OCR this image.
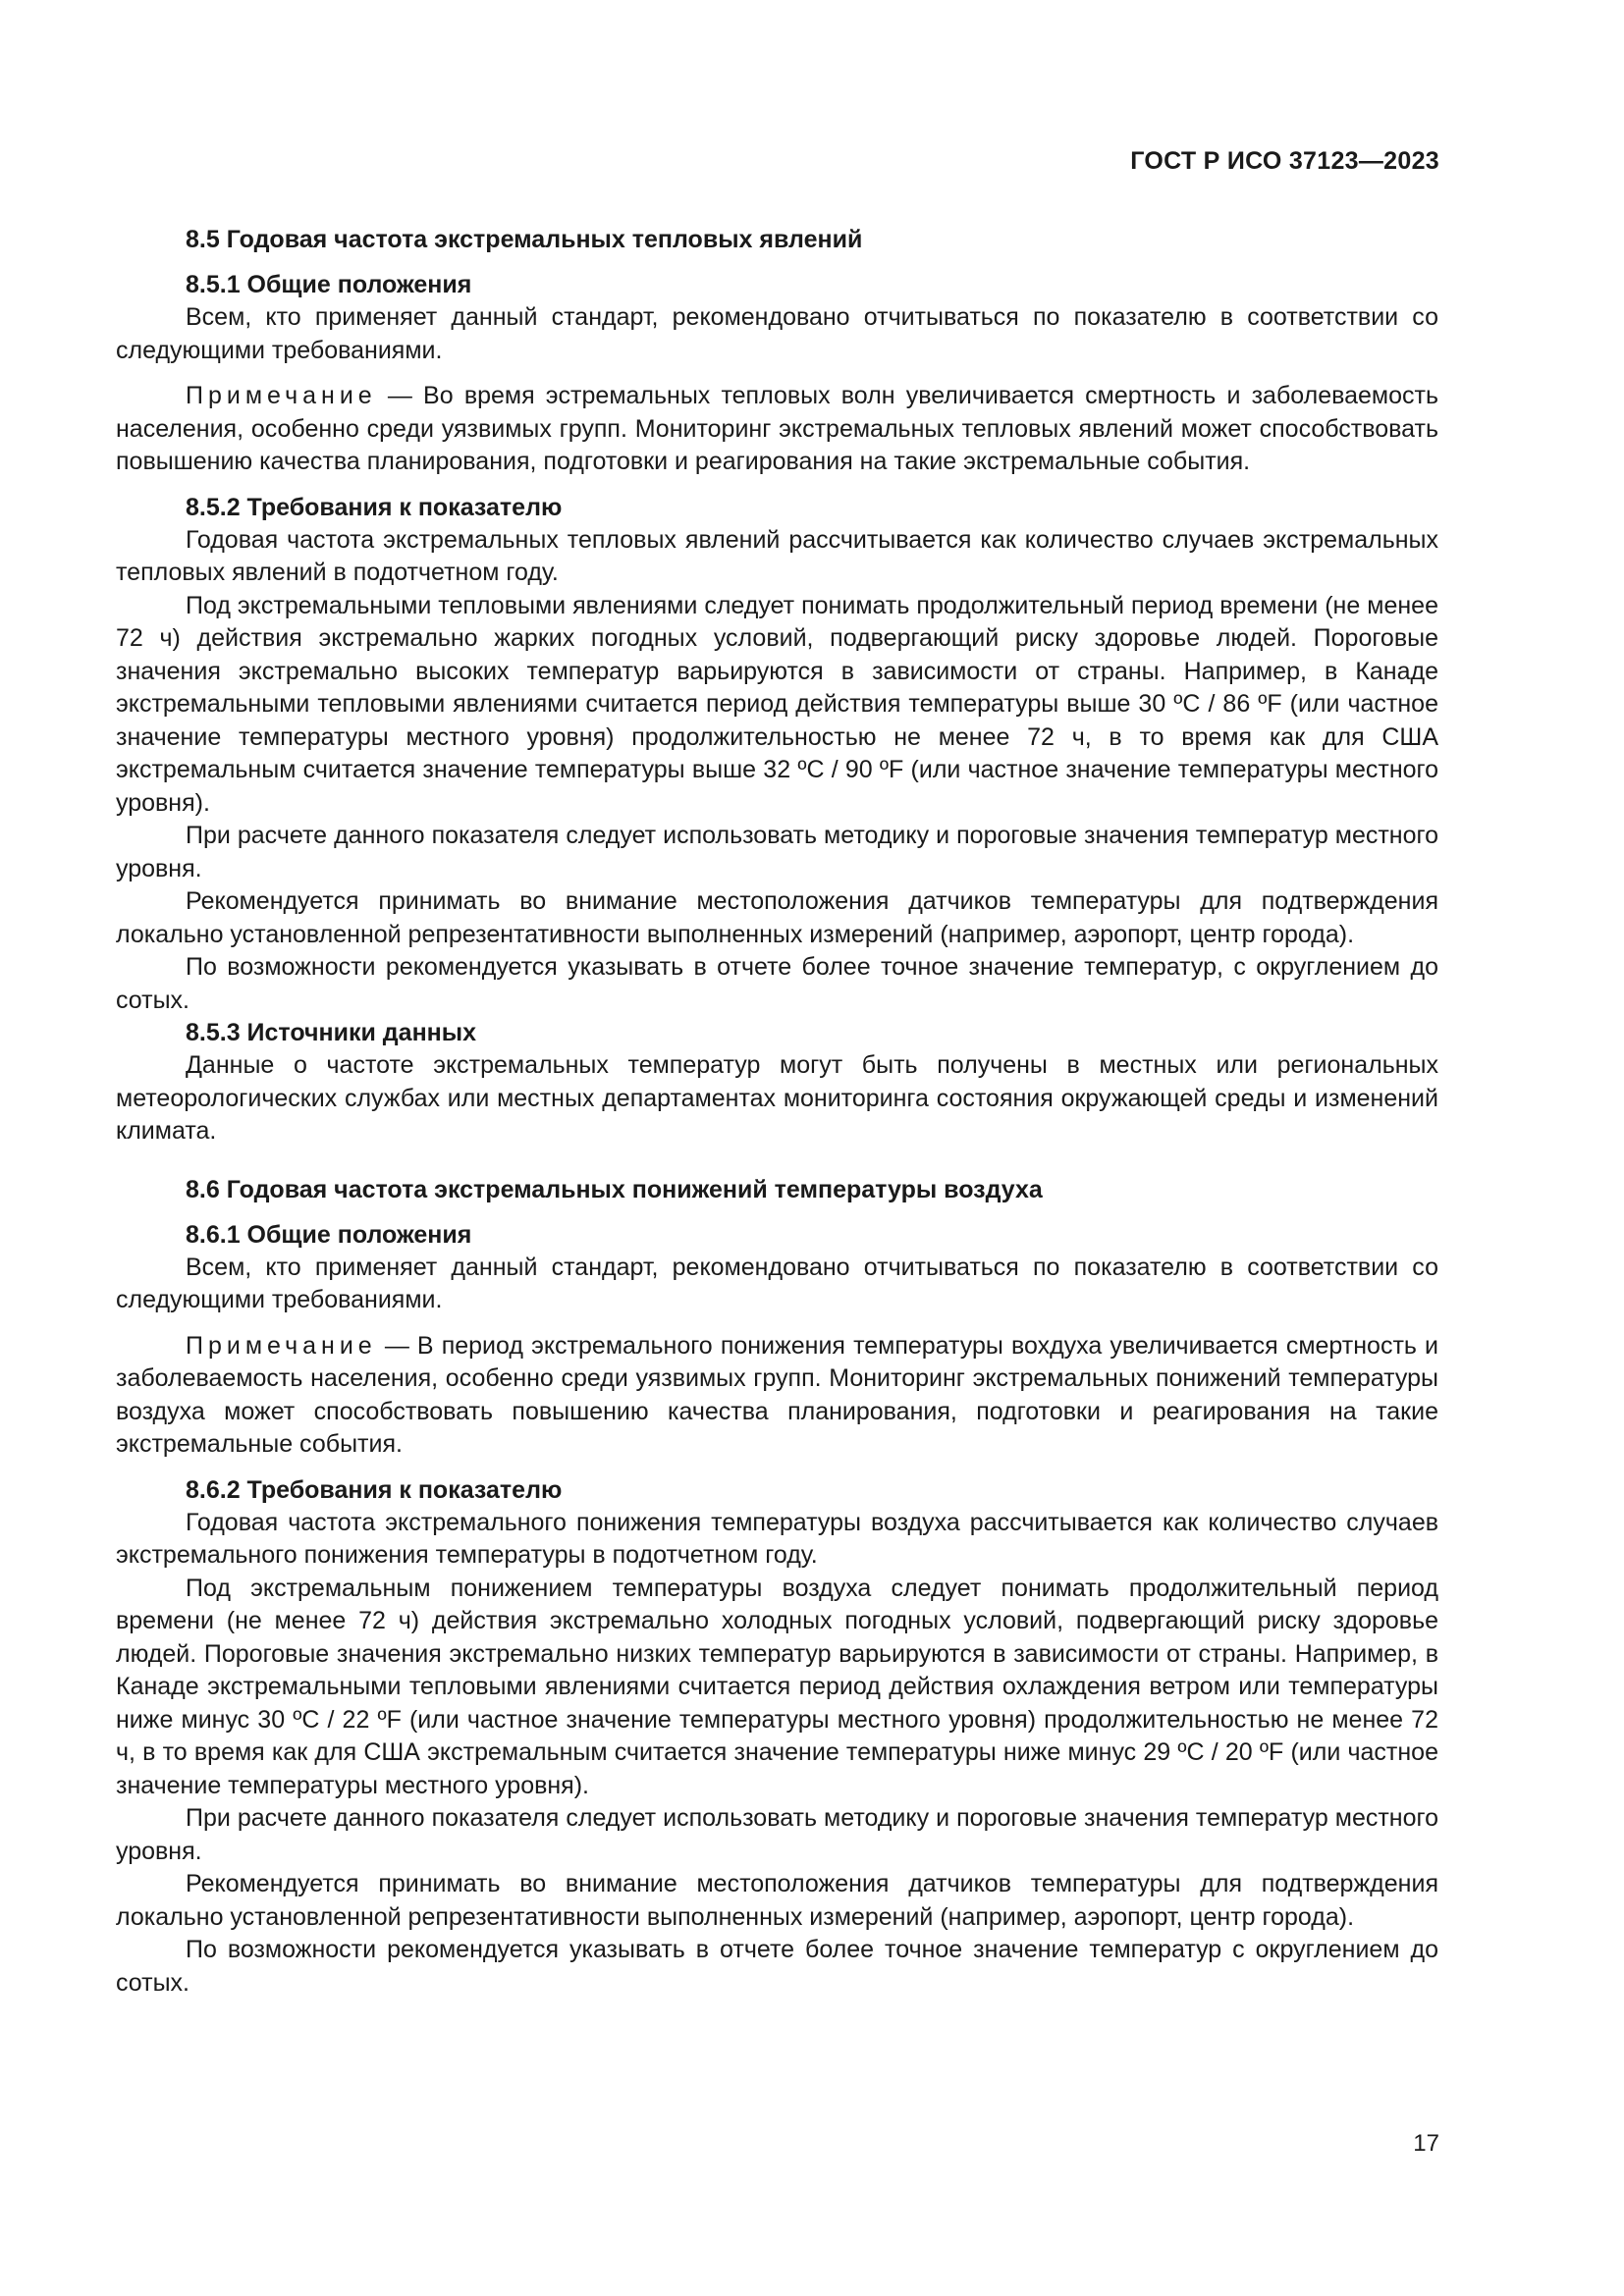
ГОСТ Р ИСО 37123—2023
8.5 Годовая частота экстремальных тепловых явлений
8.5.1 Общие положения

Всем, кто применяет данный стандарт, рекомендовано отчитываться по показателю в соответствии со следующими требованиями.

Примечание — Во время эстремальных тепловых волн увеличивается смертность и заболеваемость населения, особенно среди уязвимых групп. Мониторинг экстремальных тепловых явлений может способствовать повышению качества планирования, подготовки и реагирования на такие экстремальные события.

8.5.2 Требования к показателю

Годовая частота экстремальных тепловых явлений рассчитывается как количество случаев экстремальных тепловых явлений в подотчетном году.

Под экстремальными тепловыми явлениями следует понимать продолжительный период времени (не менее 72 ч) действия экстремально жарких погодных условий, подвергающий риску здоровье людей. Пороговые значения экстремально высоких температур варьируются в зависимости от страны. Например, в Канаде экстремальными тепловыми явлениями считается период действия температуры выше 30 ºС / 86 ºF (или частное значение температуры местного уровня) продолжительностью не менее 72 ч, в то время как для США экстремальным считается значение температуры выше 32 ºС / 90 ºF (или частное значение температуры местного уровня).

При расчете данного показателя следует использовать методику и пороговые значения температур местного уровня.

Рекомендуется принимать во внимание местоположения датчиков температуры для подтверждения локально установленной репрезентативности выполненных измерений (например, аэропорт, центр города).

По возможности рекомендуется указывать в отчете более точное значение температур, с округлением до сотых.

8.5.3 Источники данных

Данные о частоте экстремальных температур могут быть получены в местных или региональных метеорологических службах или местных департаментах мониторинга состояния окружающей среды и изменений климата.

8.6 Годовая частота экстремальных понижений температуры воздуха
8.6.1 Общие положения

Всем, кто применяет данный стандарт, рекомендовано отчитываться по показателю в соответствии со следующими требованиями.

Примечание — В период экстремального понижения температуры вохдуха увеличивается смертность и заболеваемость населения, особенно среди уязвимых групп. Мониторинг экстремальных понижений температуры воздуха может способствовать повышению качества планирования, подготовки и реагирования на такие экстремальные события.

8.6.2 Требования к показателю

Годовая частота экстремального понижения температуры воздуха рассчитывается как количество случаев экстремального понижения температуры в подотчетном году.

Под экстремальным понижением температуры воздуха следует понимать продолжительный период времени (не менее 72 ч) действия экстремально холодных погодных условий, подвергающий риску здоровье людей. Пороговые значения экстремально низких температур варьируются в зависимости от страны. Например, в Канаде экстремальными тепловыми явлениями считается период действия охлаждения ветром или температуры ниже минус 30 ºС / 22 ºF (или частное значение температуры местного уровня) продолжительностью не менее 72 ч, в то время как для США экстремальным считается значение температуры ниже минус 29 ºС / 20 ºF (или частное значение температуры местного уровня).

При расчете данного показателя следует использовать методику и пороговые значения температур местного уровня.

Рекомендуется принимать во внимание местоположения датчиков температуры для подтверждения локально установленной репрезентативности выполненных измерений (например, аэропорт, центр города).

По возможности рекомендуется указывать в отчете более точное значение температур с округлением до сотых.

17
